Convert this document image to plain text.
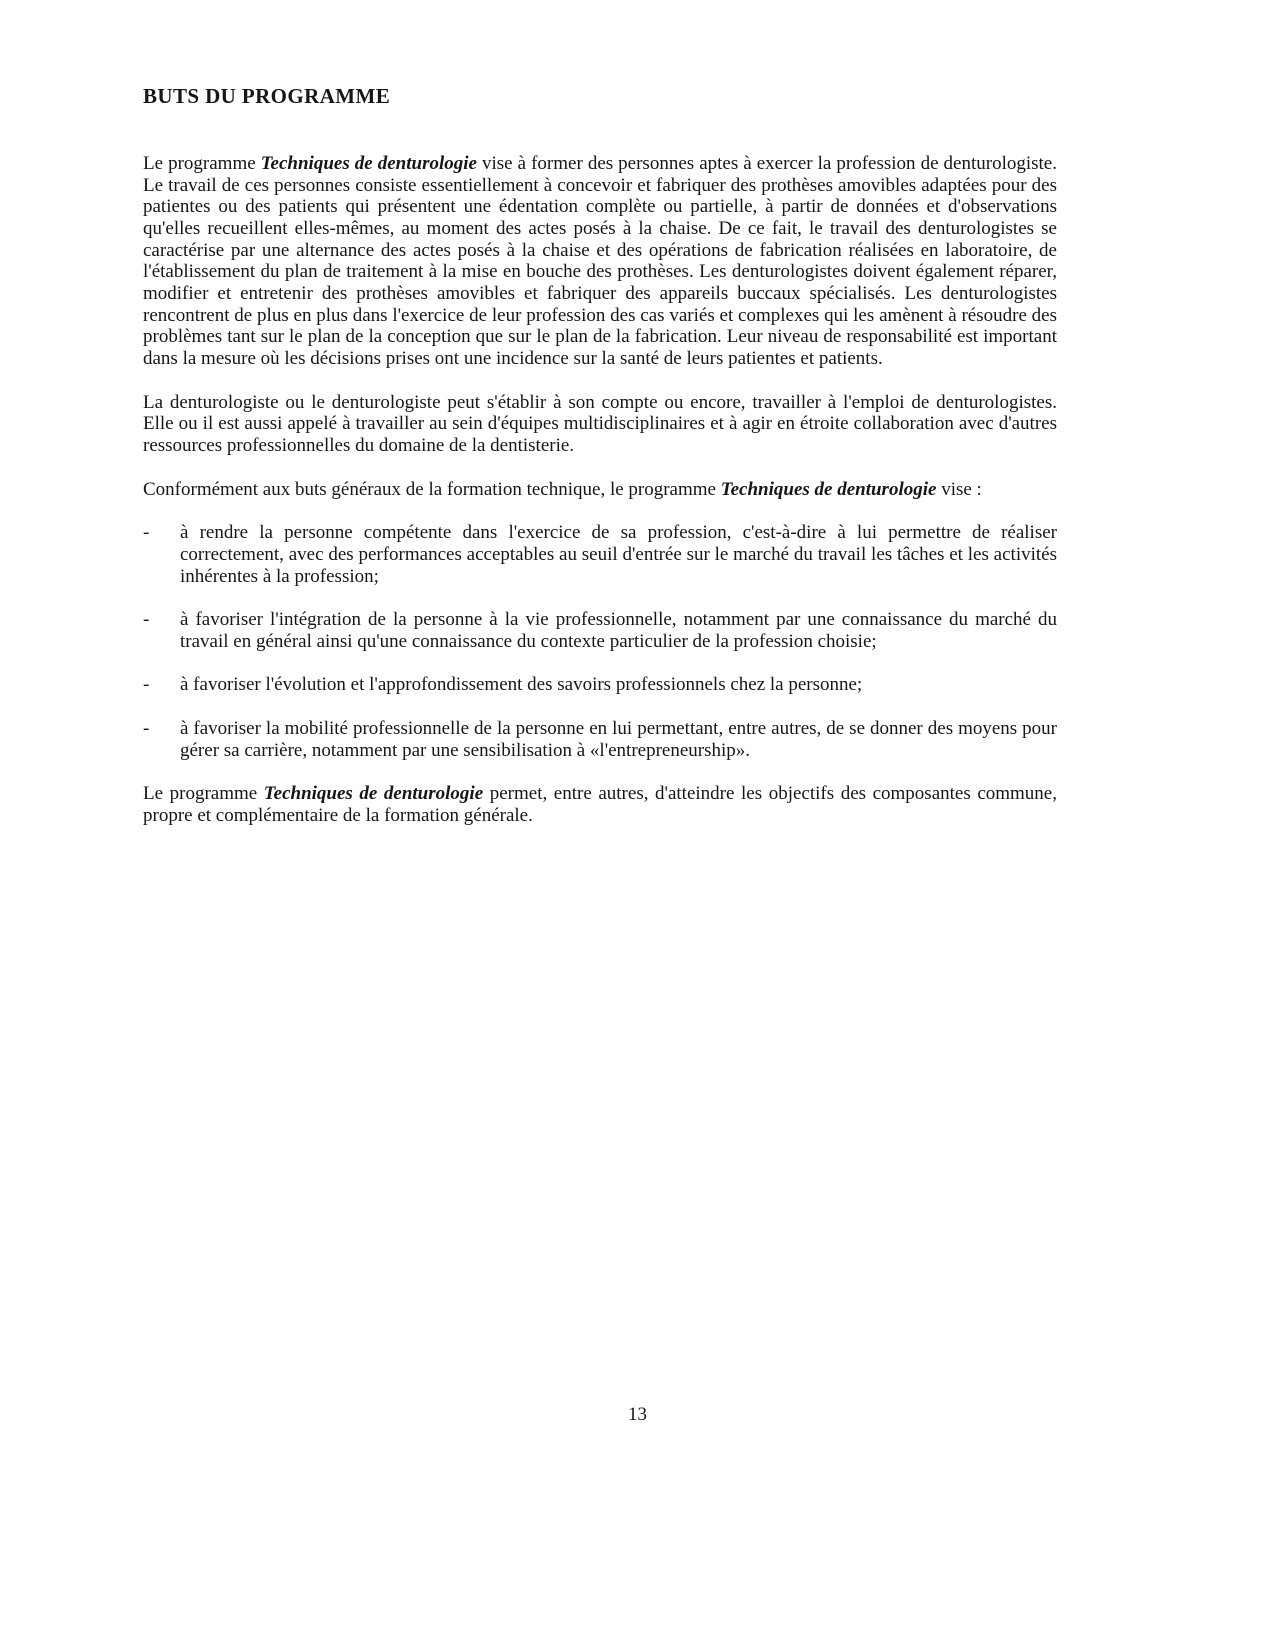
BUTS DU PROGRAMME

Le programme Techniques de denturologie vise à former des personnes aptes à exercer la profession de denturologiste. Le travail de ces personnes consiste essentiellement à concevoir et fabriquer des prothèses amovibles adaptées pour des patientes ou des patients qui présentent une édentation complète ou partielle, à partir de données et d'observations qu'elles recueillent elles-mêmes, au moment des actes posés à la chaise. De ce fait, le travail des denturologistes se caractérise par une alternance des actes posés à la chaise et des opérations de fabrication réalisées en laboratoire, de l'établissement du plan de traitement à la mise en bouche des prothèses. Les denturologistes doivent également réparer, modifier et entretenir des prothèses amovibles et fabriquer des appareils buccaux spécialisés. Les denturologistes rencontrent de plus en plus dans l'exercice de leur profession des cas variés et complexes qui les amènent à résoudre des problèmes tant sur le plan de la conception que sur le plan de la fabrication. Leur niveau de responsabilité est important dans la mesure où les décisions prises ont une incidence sur la santé de leurs patientes et patients.

La denturologiste ou le denturologiste peut s'établir à son compte ou encore, travailler à l'emploi de denturologistes. Elle ou il est aussi appelé à travailler au sein d'équipes multidisciplinaires et à agir en étroite collaboration avec d'autres ressources professionnelles du domaine de la dentisterie.

Conformément aux buts généraux de la formation technique, le programme Techniques de denturologie vise :

-	à rendre la personne compétente dans l'exercice de sa profession, c'est-à-dire à lui permettre de réaliser correctement, avec des performances acceptables au seuil d'entrée sur le marché du travail les tâches et les activités inhérentes à la profession;
-	à favoriser l'intégration de la personne à la vie professionnelle, notamment par une connaissance du marché du travail en général ainsi qu'une connaissance du contexte particulier de la profession choisie;
-	à favoriser l'évolution et l'approfondissement des savoirs professionnels chez la personne;
-	à favoriser la mobilité professionnelle de la personne en lui permettant, entre autres, de se donner des moyens pour gérer sa carrière, notamment par une sensibilisation à «l'entrepreneurship».

Le programme Techniques de denturologie permet, entre autres, d'atteindre les objectifs des composantes commune, propre et complémentaire de la formation générale.

13
